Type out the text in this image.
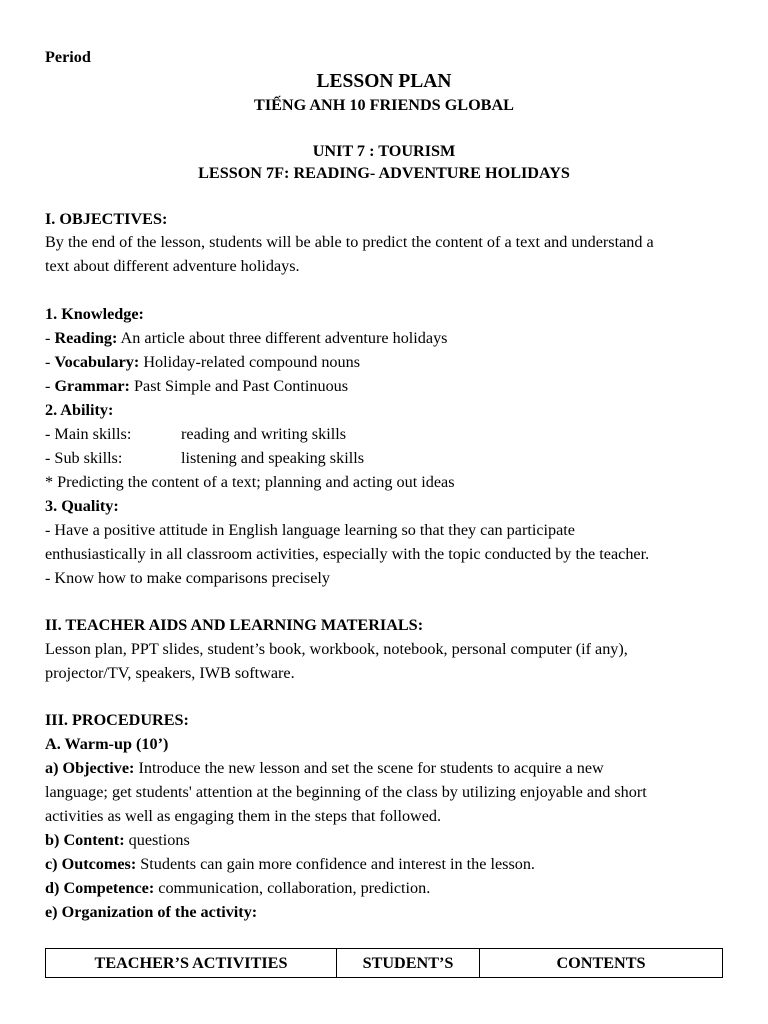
Period
LESSON PLAN
TIẾNG ANH 10 FRIENDS GLOBAL
UNIT 7 : TOURISM
LESSON 7F: READING- ADVENTURE HOLIDAYS
I. OBJECTIVES:
By the end of the lesson, students will be able to predict the content of a text and understand a
text about different adventure holidays.
1. Knowledge:
- Reading: An article about three different adventure holidays
- Vocabulary: Holiday-related compound nouns
- Grammar: Past Simple and Past Continuous
2. Ability:
- Main skills:	reading and writing skills
- Sub skills:	listening and speaking skills
* Predicting the content of a text; planning and acting out ideas
3. Quality:
- Have a positive attitude in English language learning so that they can participate
enthusiastically in all classroom activities, especially with the topic conducted by the teacher.
- Know how to make comparisons precisely
II. TEACHER AIDS AND LEARNING MATERIALS:
Lesson plan, PPT slides, student’s book, workbook, notebook, personal computer (if any),
projector/TV, speakers, IWB software.
III. PROCEDURES:
A. Warm-up (10’)
a) Objective: Introduce the new lesson and set the scene for students to acquire a new
language; get students' attention at the beginning of the class by utilizing enjoyable and short
activities as well as engaging them in the steps that followed.
b) Content: questions
c) Outcomes: Students can gain more confidence and interest in the lesson.
d) Competence: communication, collaboration, prediction.
e) Organization of the activity:
TEACHER’S ACTIVITIES	STUDENT’S	CONTENTS
